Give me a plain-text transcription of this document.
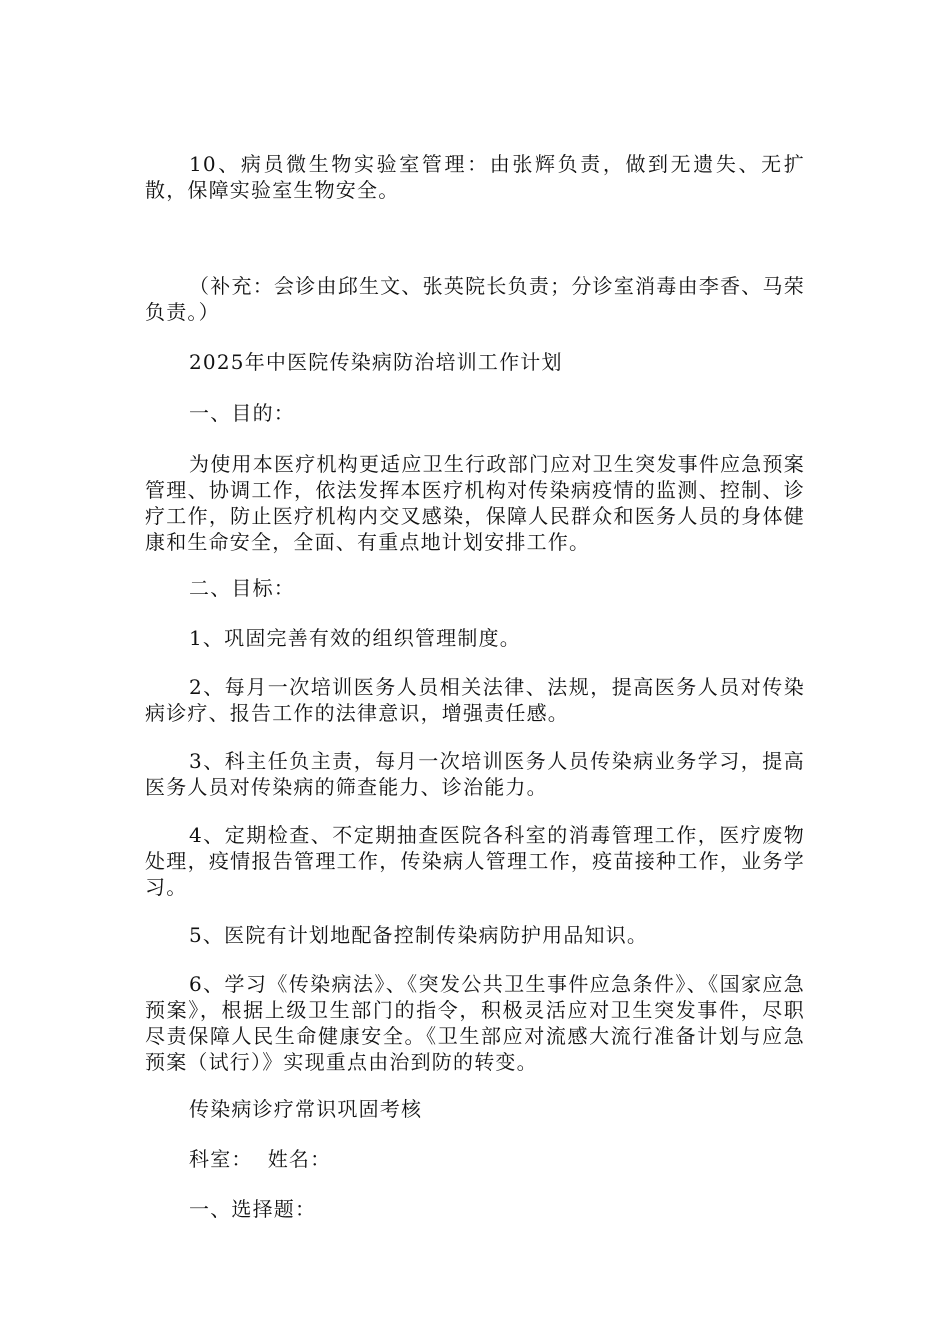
10、病员微生物实验室管理：由张辉负责，做到无遗失、无扩散，保障实验室生物安全。

（补充：会诊由邱生文、张英院长负责；分诊室消毒由李香、马荣负责。）

2025年中医院传染病防治培训工作计划

一、目的：

为使用本医疗机构更适应卫生行政部门应对卫生突发事件应急预案管理、协调工作，依法发挥本医疗机构对传染病疫情的监测、控制、诊疗工作，防止医疗机构内交叉感染，保障人民群众和医务人员的身体健康和生命安全，全面、有重点地计划安排工作。

二、目标：

1、巩固完善有效的组织管理制度。

2、每月一次培训医务人员相关法律、法规，提高医务人员对传染病诊疗、报告工作的法律意识，增强责任感。

3、科主任负主责，每月一次培训医务人员传染病业务学习，提高医务人员对传染病的筛查能力、诊治能力。

4、定期检查、不定期抽查医院各科室的消毒管理工作，医疗废物处理，疫情报告管理工作，传染病人管理工作，疫苗接种工作，业务学习。

5、医院有计划地配备控制传染病防护用品知识。

6、学习《传染病法》、《突发公共卫生事件应急条件》、《国家应急预案》，根据上级卫生部门的指令，积极灵活应对卫生突发事件，尽职尽责保障人民生命健康安全。《卫生部应对流感大流行准备计划与应急预案（试行）》实现重点由治到防的转变。

传染病诊疗常识巩固考核

科室：  姓名：

一、选择题：
